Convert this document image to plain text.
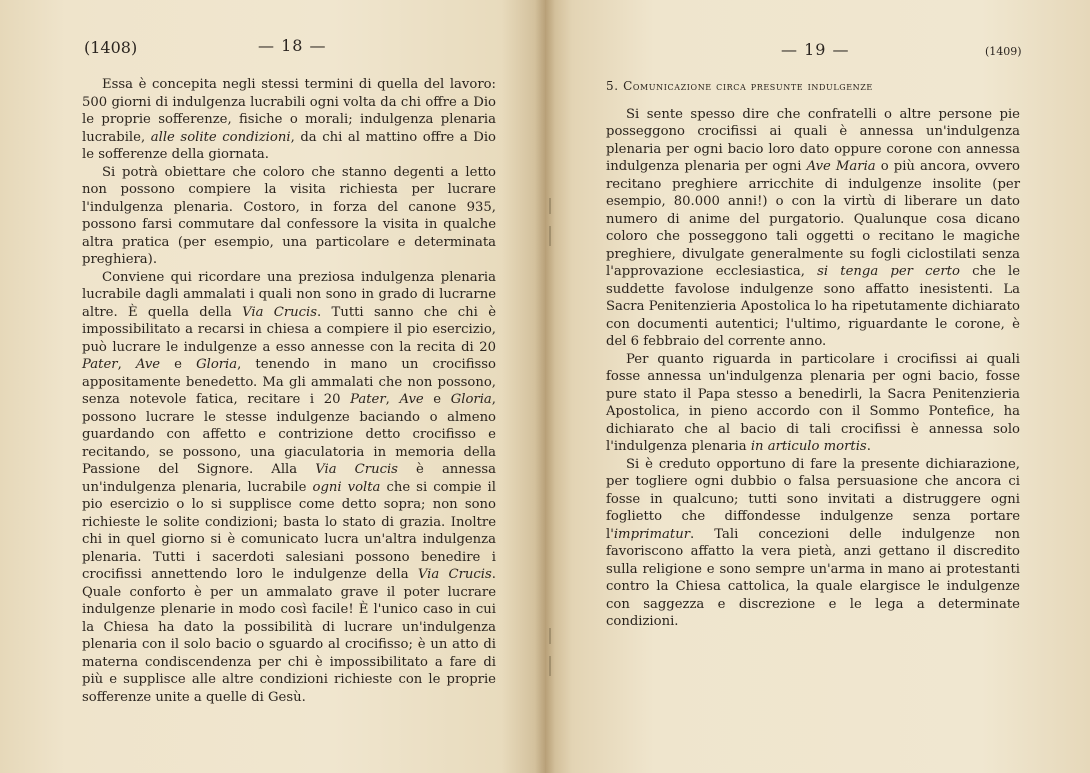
(1408)	— 18 —

Essa è concepita negli stessi termini di quella del lavoro: 500 giorni di indulgenza lucrabili ogni volta da chi offre a Dio le proprie sofferenze, fisiche o morali; indulgenza plenaria lucrabile, alle solite condizioni, da chi al mattino offre a Dio le sofferenze della giornata.

Si potrà obiettare che coloro che stanno degenti a letto non possono compiere la visita richiesta per lucrare l'indulgenza plenaria. Costoro, in forza del canone 935, possono farsi commutare dal confessore la visita in qualche altra pratica (per esempio, una particolare e determinata preghiera).

Conviene qui ricordare una preziosa indulgenza plenaria lucrabile dagli ammalati i quali non sono in grado di lucrarne altre. È quella della Via Crucis. Tutti sanno che chi è impossibilitato a recarsi in chiesa a compiere il pio esercizio, può lucrare le indulgenze a esso annesse con la recita di 20 Pater, Ave e Gloria, tenendo in mano un crocifisso appositamente benedetto. Ma gli ammalati che non possono, senza notevole fatica, recitare i 20 Pater, Ave e Gloria, possono lucrare le stesse indulgenze baciando o almeno guardando con affetto e contrizione detto crocifisso e recitando, se possono, una giaculatoria in memoria della Passione del Signore. Alla Via Crucis è annessa un'indulgenza plenaria, lucrabile ogni volta che si compie il pio esercizio o lo si supplisce come detto sopra; non sono richieste le solite condizioni; basta lo stato di grazia. Inoltre chi in quel giorno si è comunicato lucra un'altra indulgenza plenaria. Tutti i sacerdoti salesiani possono benedire i crocifissi annettendo loro le indulgenze della Via Crucis. Quale conforto è per un ammalato grave il poter lucrare indulgenze plenarie in modo così facile! È l'unico caso in cui la Chiesa ha dato la possibilità di lucrare un'indulgenza plenaria con il solo bacio o sguardo al crocifisso; è un atto di materna condiscendenza per chi è impossibilitato a fare di più e supplisce alle altre condizioni richieste con le proprie sofferenze unite a quelle di Gesù.

— 19 —	(1409)
5. Comunicazione circa presunte indulgenze

Si sente spesso dire che confratelli o altre persone pie posseggono crocifissi ai quali è annessa un'indulgenza plenaria per ogni bacio loro dato oppure corone con annessa indulgenza plenaria per ogni Ave Maria o più ancora, ovvero recitano preghiere arricchite di indulgenze insolite (per esempio, 80.000 anni!) o con la virtù di liberare un dato numero di anime del purgatorio. Qualunque cosa dicano coloro che posseggono tali oggetti o recitano le magiche preghiere, divulgate generalmente su fogli ciclostilati senza l'approvazione ecclesiastica, si tenga per certo che le suddette favolose indulgenze sono affatto inesistenti. La Sacra Penitenzieria Apostolica lo ha ripetutamente dichiarato con documenti autentici; l'ultimo, riguardante le corone, è del 6 febbraio del corrente anno.

Per quanto riguarda in particolare i crocifissi ai quali fosse annessa un'indulgenza plenaria per ogni bacio, fosse pure stato il Papa stesso a benedirli, la Sacra Penitenzieria Apostolica, in pieno accordo con il Sommo Pontefice, ha dichiarato che al bacio di tali crocifissi è annessa solo l'indulgenza plenaria in articulo mortis.

Si è creduto opportuno di fare la presente dichiarazione, per togliere ogni dubbio o falsa persuasione che ancora ci fosse in qualcuno; tutti sono invitati a distruggere ogni foglietto che diffondesse indulgenze senza portare l'imprimatur. Tali concezioni delle indulgenze non favoriscono affatto la vera pietà, anzi gettano il discredito sulla religione e sono sempre un'arma in mano ai protestanti contro la Chiesa cattolica, la quale elargisce le indulgenze con saggezza e discrezione e le lega a determinate condizioni.
